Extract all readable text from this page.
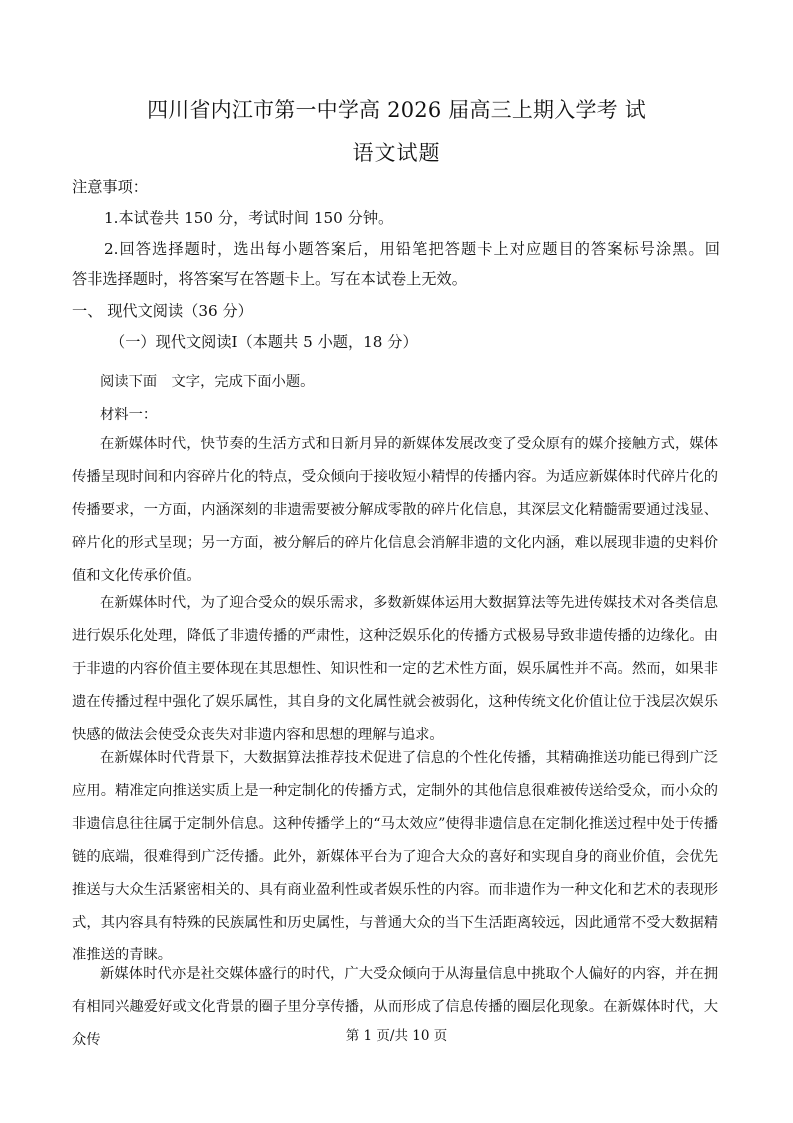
四川省内江市第一中学高 2026 届高三上期入学考 试
语文试题
注意事项：
1.本试卷共 150 分，考试时间 150 分钟。
2.回答选择题时，选出每小题答案后，用铅笔把答题卡上对应题目的答案标号涂黑。回
答非选择题时，将答案写在答题卡上。写在本试卷上无效。
一、 现代文阅读（36 分）
（一）现代文阅读Ⅰ（本题共 5 小题，18 分）
阅读下面　文字，完成下面小题。
材料一：

在新媒体时代，快节奏的生活方式和日新月异的新媒体发展改变了受众原有的媒介接触方式，媒体传播呈现时间和内容碎片化的特点，受众倾向于接收短小精悍的传播内容。为适应新媒体时代碎片化的传播要求，一方面，内涵深刻的非遗需要被分解成零散的碎片化信息，其深层文化精髓需要通过浅显、碎片化的形式呈现；另一方面，被分解后的碎片化信息会消解非遗的文化内涵，难以展现非遗的史料价值和文化传承价值。

在新媒体时代，为了迎合受众的娱乐需求，多数新媒体运用大数据算法等先进传媒技术对各类信息进行娱乐化处理，降低了非遗传播的严肃性，这种泛娱乐化的传播方式极易导致非遗传播的边缘化。由于非遗的内容价值主要体现在其思想性、知识性和一定的艺术性方面，娱乐属性并不高。然而，如果非遗在传播过程中强化了娱乐属性，其自身的文化属性就会被弱化，这种传统文化价值让位于浅层次娱乐快感的做法会使受众丧失对非遗内容和思想的理解与追求。

在新媒体时代背景下，大数据算法推荐技术促进了信息的个性化传播，其精确推送功能已得到广泛应用。精准定向推送实质上是一种定制化的传播方式，定制外的其他信息很难被传送给受众，而小众的非遗信息往往属于定制外信息。这种传播学上的“马太效应”使得非遗信息在定制化推送过程中处于传播链的底端，很难得到广泛传播。此外，新媒体平台为了迎合大众的喜好和实现自身的商业价值，会优先推送与大众生活紧密相关的、具有商业盈利性或者娱乐性的内容。而非遗作为一种文化和艺术的表现形式，其内容具有特殊的民族属性和历史属性，与普通大众的当下生活距离较远，因此通常不受大数据精准推送的青睐。

新媒体时代亦是社交媒体盛行的时代，广大受众倾向于从海量信息中挑取个人偏好的内容，并在拥有相同兴趣爱好或文化背景的圈子里分享传播，从而形成了信息传播的圈层化现象。在新媒体时代，大众传	第 1 页/共 10 页
